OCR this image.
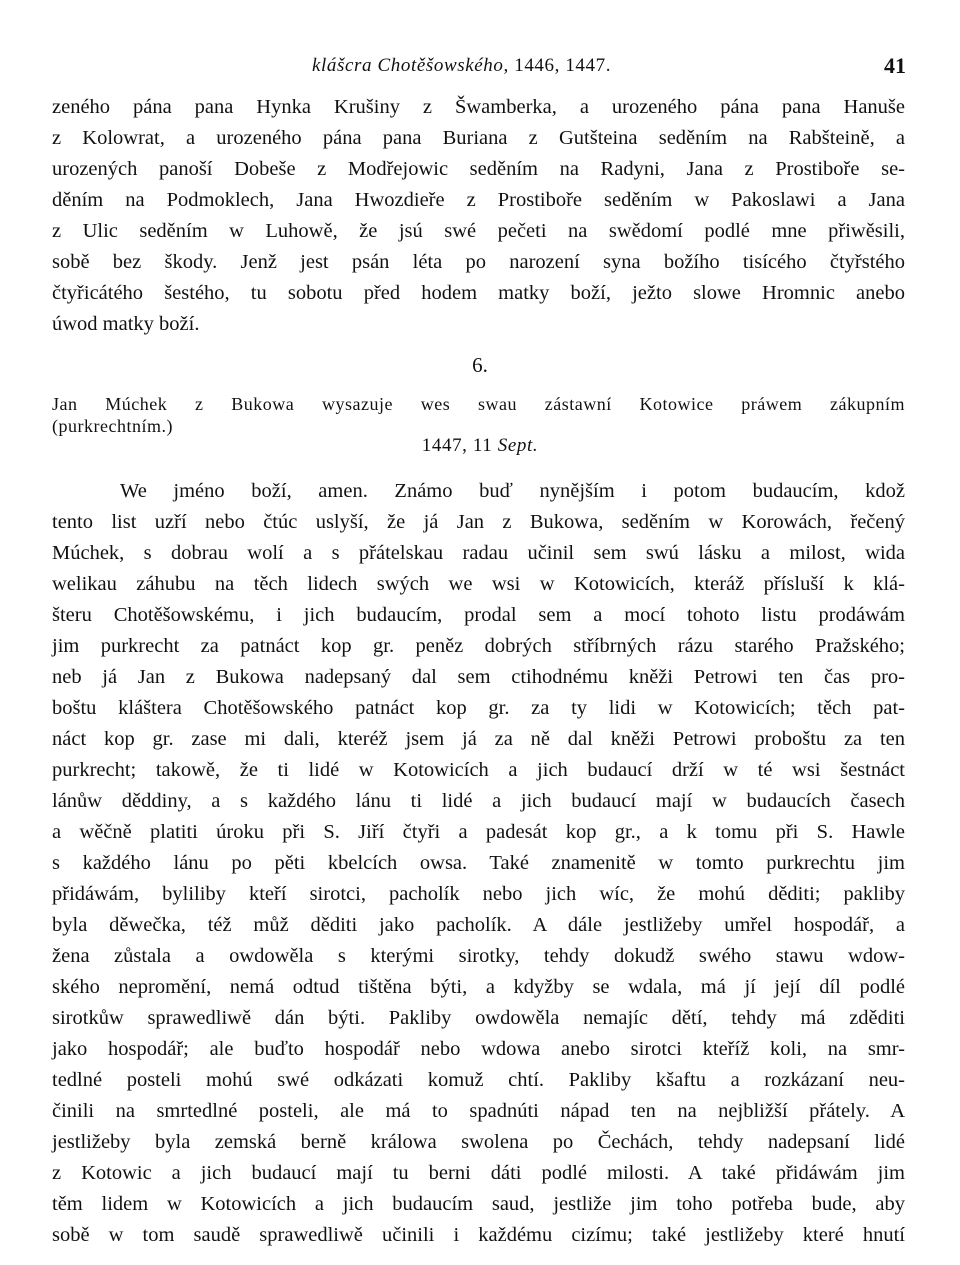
klášcra Chotěšowského, 1446, 1447.	41
zeného pána pana Hynka Krušiny z Šwamberka, a urozeného pána pana Hanuše
z Kolowrat, a urozeného pána pana Buriana z Gutšteina seděním na Rabšteině, a
urozených panoší Dobeše z Modřejowic seděním na Radyni, Jana z Prostiboře se-
děním na Podmoklech, Jana Hwozdieře z Prostiboře seděním w Pakoslawi a Jana
z Ulic seděním w Luhowě, že jsú swé pečeti na swědomí podlé mne přiwěsili,
sobě bez škody. Jenž jest psán léta po narození syna božího tisícého čtyřstého
čtyřicátého šestého, tu sobotu před hodem matky boží, ježto slowe Hromnic anebo
úwod matky boží.
6.
Jan Múchek z Bukowa wysazuje wes swau zástawní Kotowice práwem zákupním
(purkrechtním.)
1447, 11 Sept.
We jméno boží, amen. Známo buď nynějším i potom budaucím, kdož
tento list uzří nebo čtúc uslyší, že já Jan z Bukowa, seděním w Korowách, řečený
Múchek, s dobrau wolí a s přátelskau radau učinil sem swú lásku a milost, wida
welikau záhubu na těch lidech swých we wsi w Kotowicích, kteráž přísluší k klá-
šteru Chotěšowskému, i jich budaucím, prodal sem a mocí tohoto listu prodáwám
jim purkrecht za patnáct kop gr. peněz dobrých stříbrných rázu starého Pražského;
neb já Jan z Bukowa nadepsaný dal sem ctihodnému kněži Petrowi ten čas pro-
boštu kláštera Chotěšowského patnáct kop gr. za ty lidi w Kotowicích; těch pat-
náct kop gr. zase mi dali, kteréž jsem já za ně dal kněži Petrowi proboštu za ten
purkrecht; takowě, že ti lidé w Kotowicích a jich budaucí drží w té wsi šestnáct
lánůw děddiny, a s každého lánu ti lidé a jich budaucí mají w budaucích časech
a wěčně platiti úroku při S. Jiří čtyři a padesát kop gr., a k tomu při S. Hawle
s každého lánu po pěti kbelcích owsa. Také znamenitě w tomto purkrechtu jim
přidáwám, byliliby kteří sirotci, pacholík nebo jich wíc, že mohú děditi; pakliby
byla děwečka, též můž děditi jako pacholík. A dále jestližeby umřel hospodář, a
žena zůstala a owdowěla s kterými sirotky, tehdy dokudž swého stawu wdow-
ského nepromění, nemá odtud tištěna býti, a kdyžby se wdala, má jí její díl podlé
sirotkůw sprawedliwě dán býti. Pakliby owdowěla nemajíc dětí, tehdy má zděditi
jako hospodář; ale buďto hospodář nebo wdowa anebo sirotci kteříž koli, na smr-
tedlné posteli mohú swé odkázati komuž chtí. Pakliby kšaftu a rozkázaní neu-
činili na smrtedlné posteli, ale má to spadnúti nápad ten na nejbližší přátely. A
jestližeby byla zemská berně králowa swolena po Čechách, tehdy nadepsaní lidé
z Kotowic a jich budaucí mají tu berni dáti podlé milosti. A také přidáwám jim
těm lidem w Kotowicích a jich budaucím saud, jestliže jim toho potřeba bude, aby
sobě w tom saudě sprawedliwě učinili i každému cizímu; také jestližeby které hnutí
